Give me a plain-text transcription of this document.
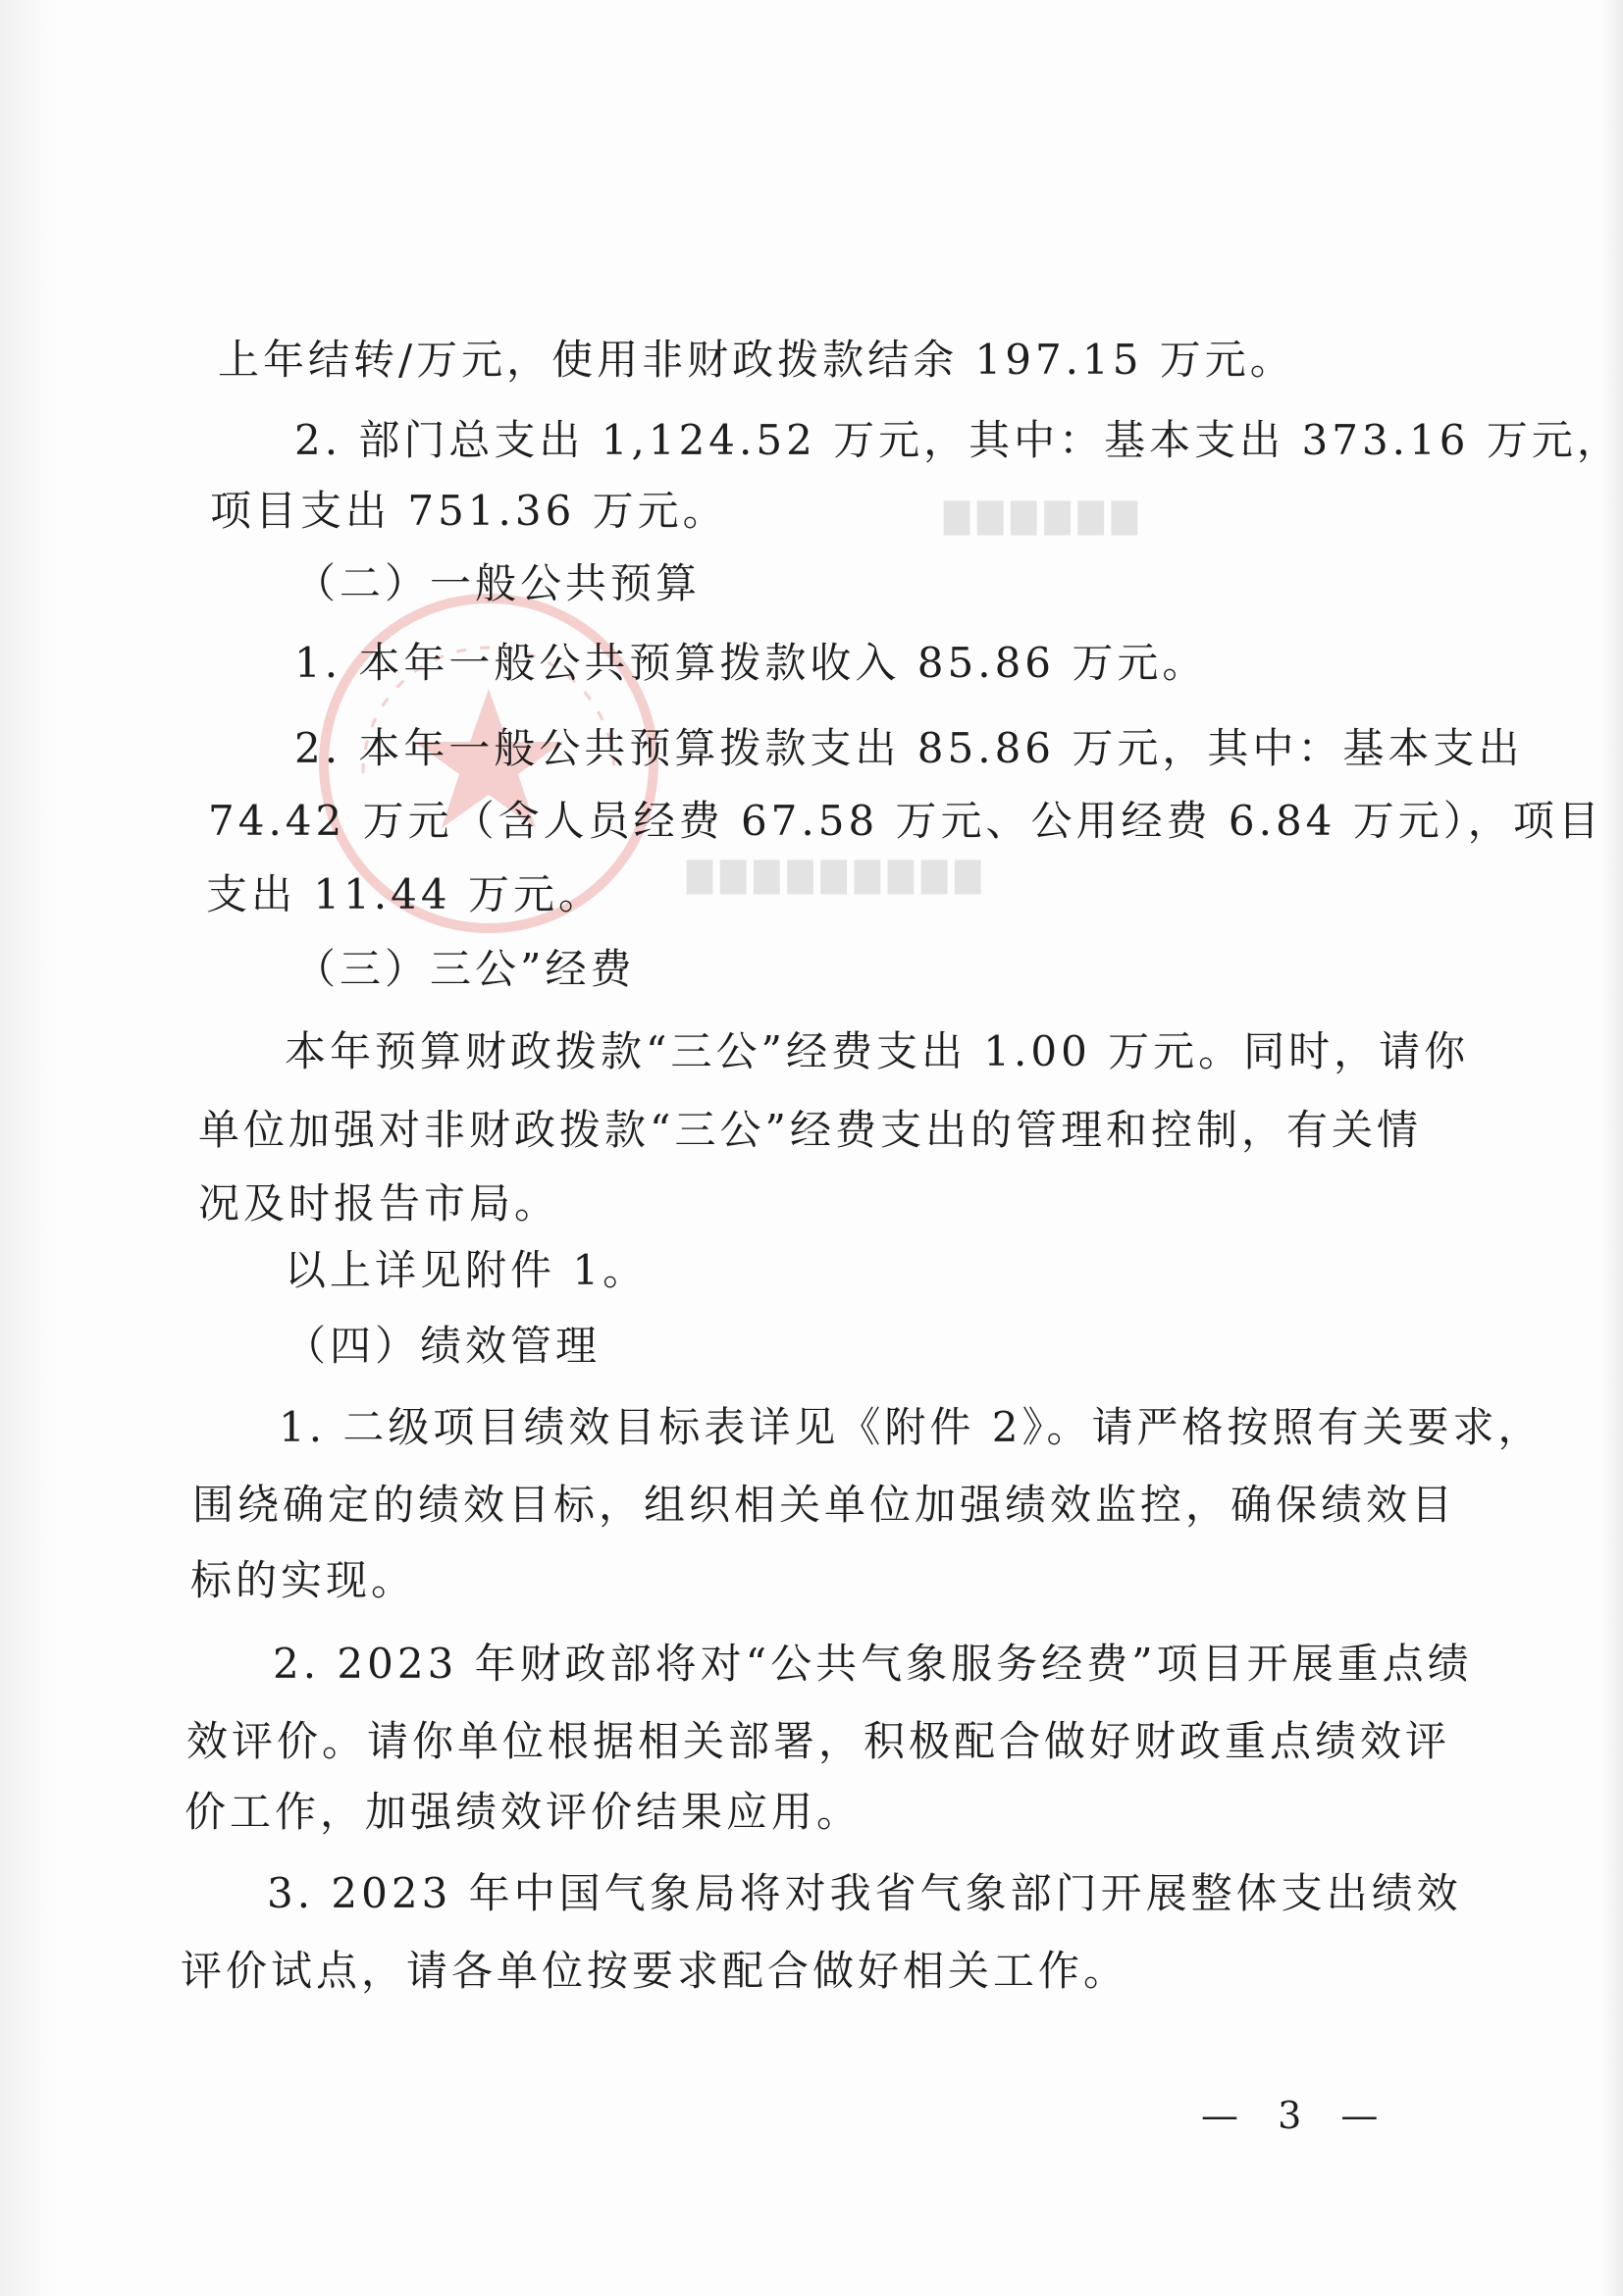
▇▇▇▇▇▇
▇▇▇▇▇▇▇▇▇
上年结转/万元，使用非财政拨款结余 197.15 万元。
2. 部门总支出 1,124.52 万元，其中：基本支出 373.16 万元，
项目支出 751.36 万元。
（二）一般公共预算
1. 本年一般公共预算拨款收入 85.86 万元。
2. 本年一般公共预算拨款支出 85.86 万元，其中：基本支出
74.42 万元（含人员经费 67.58 万元、公用经费 6.84 万元），项目
支出 11.44 万元。
（三）三公”经费
本年预算财政拨款“三公”经费支出 1.00 万元。同时，请你
单位加强对非财政拨款“三公”经费支出的管理和控制，有关情
况及时报告市局。
以上详见附件 1。
（四）绩效管理
1. 二级项目绩效目标表详见《附件 2》。请严格按照有关要求，
围绕确定的绩效目标，组织相关单位加强绩效监控，确保绩效目
标的实现。
2. 2023 年财政部将对“公共气象服务经费”项目开展重点绩
效评价。请你单位根据相关部署，积极配合做好财政重点绩效评
价工作，加强绩效评价结果应用。
3. 2023 年中国气象局将对我省气象部门开展整体支出绩效
评价试点，请各单位按要求配合做好相关工作。
— 3 —
